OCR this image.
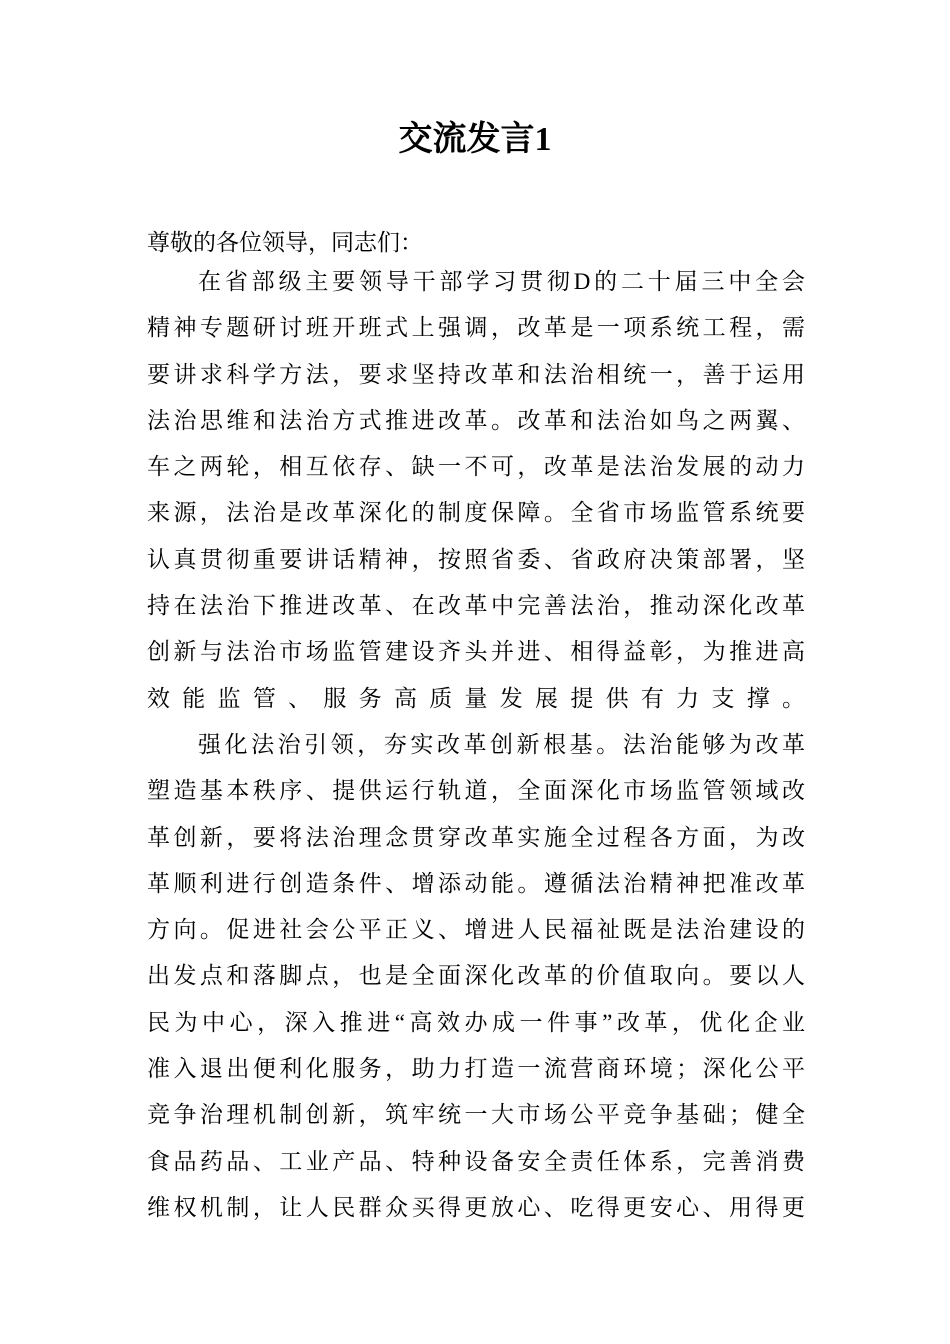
交流发言1
尊敬的各位领导，同志们：
在省部级主要领导干部学习贯彻D的二十届三中全会
精神专题研讨班开班式上强调，改革是一项系统工程，需
要讲求科学方法，要求坚持改革和法治相统一，善于运用
法治思维和法治方式推进改革。改革和法治如鸟之两翼、
车之两轮，相互依存、缺一不可，改革是法治发展的动力
来源，法治是改革深化的制度保障。全省市场监管系统要
认真贯彻重要讲话精神，按照省委、省政府决策部署，坚
持在法治下推进改革、在改革中完善法治，推动深化改革
创新与法治市场监管建设齐头并进、相得益彰，为推进高
效能监管、服务高质量发展提供有力支撑。
强化法治引领，夯实改革创新根基。法治能够为改革
塑造基本秩序、提供运行轨道，全面深化市场监管领域改
革创新，要将法治理念贯穿改革实施全过程各方面，为改
革顺利进行创造条件、增添动能。遵循法治精神把准改革
方向。促进社会公平正义、增进人民福祉既是法治建设的
出发点和落脚点，也是全面深化改革的价值取向。要以人
民为中心，深入推进“高效办成一件事”改革，优化企业
准入退出便利化服务，助力打造一流营商环境；深化公平
竞争治理机制创新，筑牢统一大市场公平竞争基础；健全
食品药品、工业产品、特种设备安全责任体系，完善消费
维权机制，让人民群众买得更放心、吃得更安心、用得更
